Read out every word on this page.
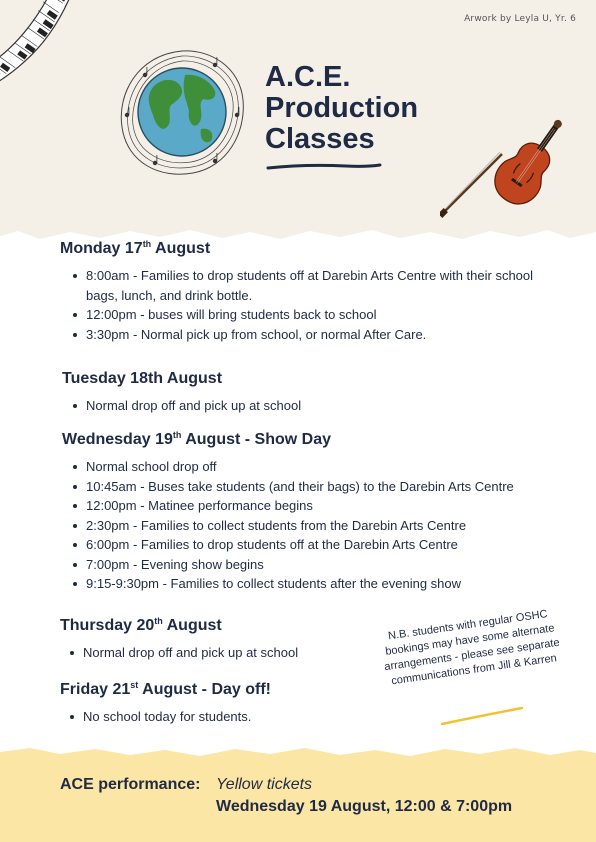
Arwork by Leyla U, Yr. 6
A.C.E.
Production
Classes
Monday 17th August
8:00am - Families to drop students off at Darebin Arts Centre with their school bags, lunch, and drink bottle.
12:00pm - buses will bring students back to school
3:30pm - Normal pick up from school, or normal After Care.
Tuesday 18th August
Normal drop off and pick up at school
Wednesday 19th August - Show Day
Normal school drop off
10:45am - Buses take students (and their bags) to the Darebin Arts Centre
12:00pm - Matinee performance begins
2:30pm - Families to collect students from the Darebin Arts Centre
6:00pm - Families to drop students off at the Darebin Arts Centre
7:00pm - Evening show begins
9:15-9:30pm - Families to collect students after the evening show
Thursday 20th August
Normal drop off and pick up at school
Friday 21st August - Day off!
No school today for students.
N.B. students with regular OSHC bookings may have some alternate arrangements - please see separate communications from Jill & Karren
ACE performance: Yellow tickets
Wednesday 19 August, 12:00 & 7:00pm
